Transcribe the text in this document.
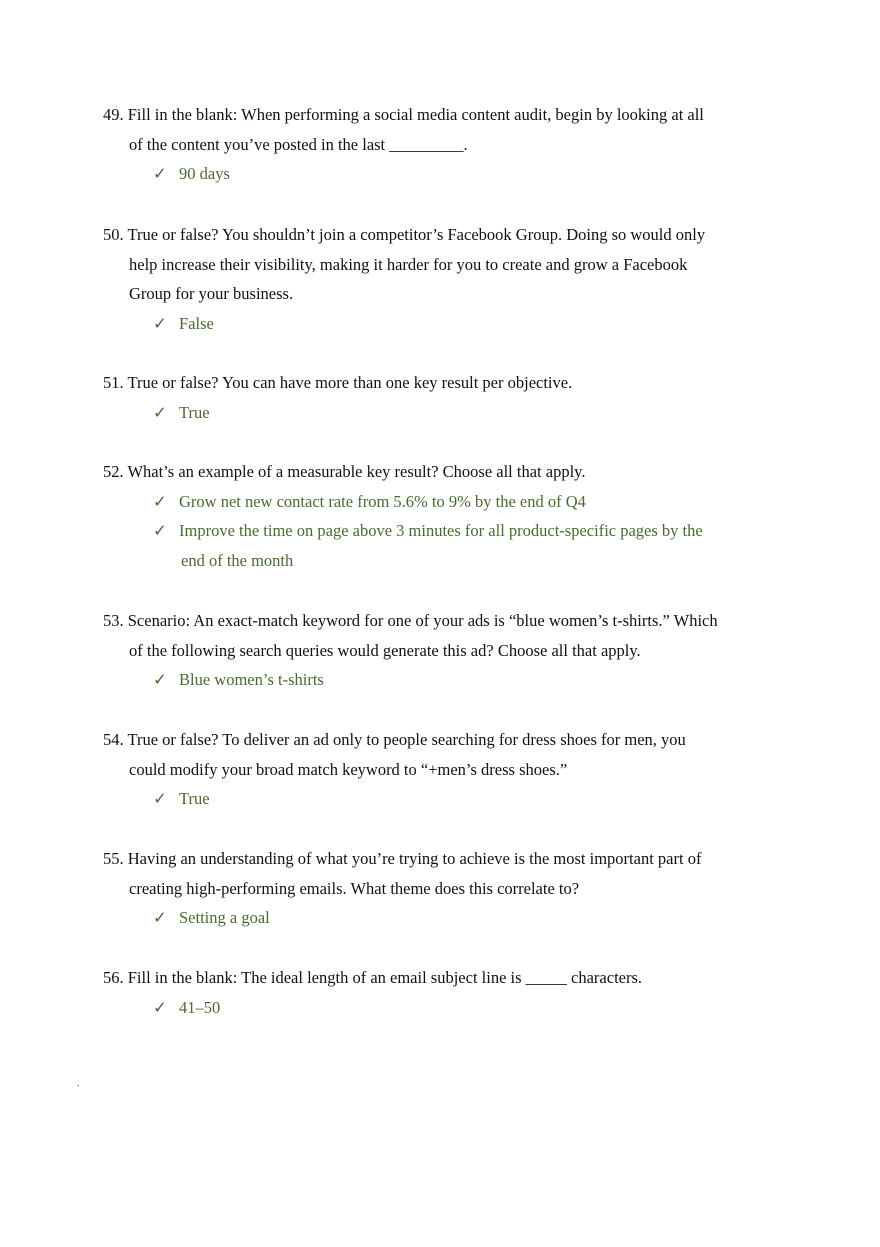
49. Fill in the blank: When performing a social media content audit, begin by looking at all
of the content you’ve posted in the last _________.
✓ 90 days
50. True or false? You shouldn’t join a competitor’s Facebook Group. Doing so would only
help increase their visibility, making it harder for you to create and grow a Facebook
Group for your business.
✓ False
51. True or false? You can have more than one key result per objective.
✓ True
52. What’s an example of a measurable key result? Choose all that apply.
✓ Grow net new contact rate from 5.6% to 9% by the end of Q4
✓ Improve the time on page above 3 minutes for all product-specific pages by the
end of the month
53. Scenario: An exact-match keyword for one of your ads is “blue women’s t-shirts.” Which
of the following search queries would generate this ad? Choose all that apply.
✓ Blue women’s t-shirts
54. True or false? To deliver an ad only to people searching for dress shoes for men, you
could modify your broad match keyword to “+men’s dress shoes.”
✓ True
55. Having an understanding of what you’re trying to achieve is the most important part of
creating high-performing emails. What theme does this correlate to?
✓ Setting a goal
56. Fill in the blank: The ideal length of an email subject line is _____ characters.
✓ 41–50
.
